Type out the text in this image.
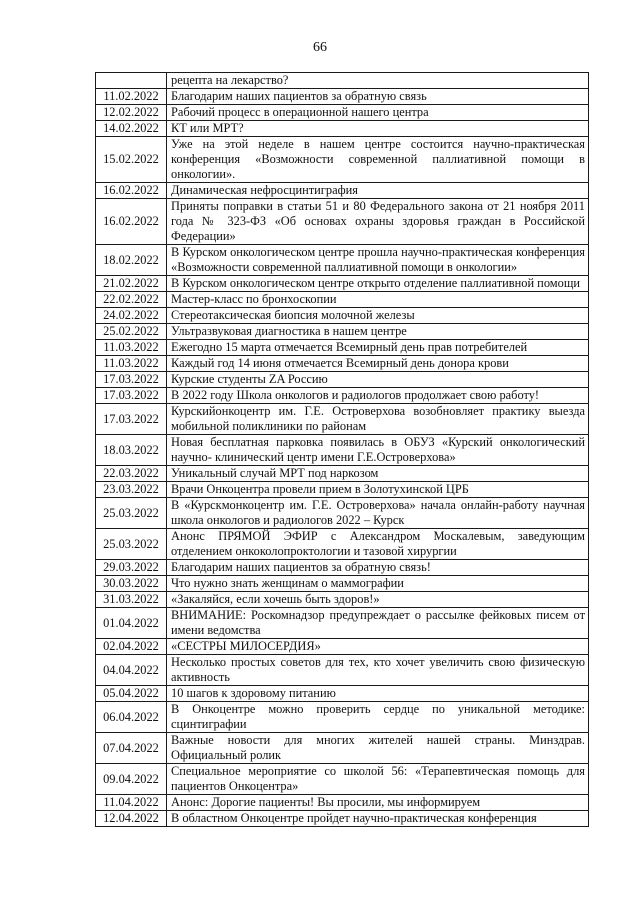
66
	рецепта на лекарство?
11.02.2022	Благодарим наших пациентов за обратную связь
12.02.2022	Рабочий процесс в операционной нашего центра
14.02.2022	КТ или МРТ?
15.02.2022	Уже на этой неделе в нашем центре состоится научно-практическая конференция «Возможности современной паллиативной помощи в онкологии».
16.02.2022	Динамическая нефросцинтиграфия
16.02.2022	Приняты поправки в статьи 51 и 80 Федерального закона от 21 ноября 2011 года № 323-ФЗ «Об основах охраны здоровья граждан в Российской Федерации»
18.02.2022	В Курском онкологическом центре прошла научно-практическая конференция «Возможности современной паллиативной помощи в онкологии»
21.02.2022	В Курском онкологическом центре открыто отделение паллиативной помощи
22.02.2022	Мастер-класс по бронхоскопии
24.02.2022	Стереотаксическая биопсия молочной железы
25.02.2022	Ультразвуковая диагностика в нашем центре
11.03.2022	Ежегодно 15 марта отмечается Всемирный день прав потребителей
11.03.2022	Каждый год 14 июня отмечается Всемирный день донора крови
17.03.2022	Курские студенты ZA Россию
17.03.2022	В 2022 году Школа онкологов и радиологов продолжает свою работу!
17.03.2022	Курскийонкоцентр им. Г.Е. Островерхова возобновляет практику выезда мобильной поликлиники по районам
18.03.2022	Новая бесплатная парковка появилась в ОБУЗ «Курский онкологический научно- клинический центр имени Г.Е.Островерхова»
22.03.2022	Уникальный случай МРТ под наркозом
23.03.2022	Врачи Онкоцентра провели прием в Золотухинской ЦРБ
25.03.2022	В «Курскмонкоцентр им. Г.Е. Островерхова» начала онлайн-работу научная школа онкологов и радиологов 2022 – Курск
25.03.2022	Анонс ПРЯМОЙ ЭФИР с Александром Москалевым, заведующим отделением онкоколопроктологии и тазовой хирургии
29.03.2022	Благодарим наших пациентов за обратную связь!
30.03.2022	Что нужно знать женщинам о маммографии
31.03.2022	«Закаляйся, если хочешь быть здоров!»
01.04.2022	ВНИМАНИЕ: Роскомнадзор предупреждает о рассылке фейковых писем от имени ведомства
02.04.2022	«СЕСТРЫ МИЛОСЕРДИЯ»
04.04.2022	Несколько простых советов для тех, кто хочет увеличить свою физическую активность
05.04.2022	10 шагов к здоровому питанию
06.04.2022	В Онкоцентре можно проверить сердце по уникальной методике: сцинтиграфии
07.04.2022	Важные новости для многих жителей нашей страны. Минздрав. Официальный ролик
09.04.2022	Специальное мероприятие со школой 56: «Терапевтическая помощь для пациентов Онкоцентра»
11.04.2022	Анонс: Дорогие пациенты! Вы просили, мы информируем
12.04.2022	В областном Онкоцентре пройдет научно-практическая конференция
